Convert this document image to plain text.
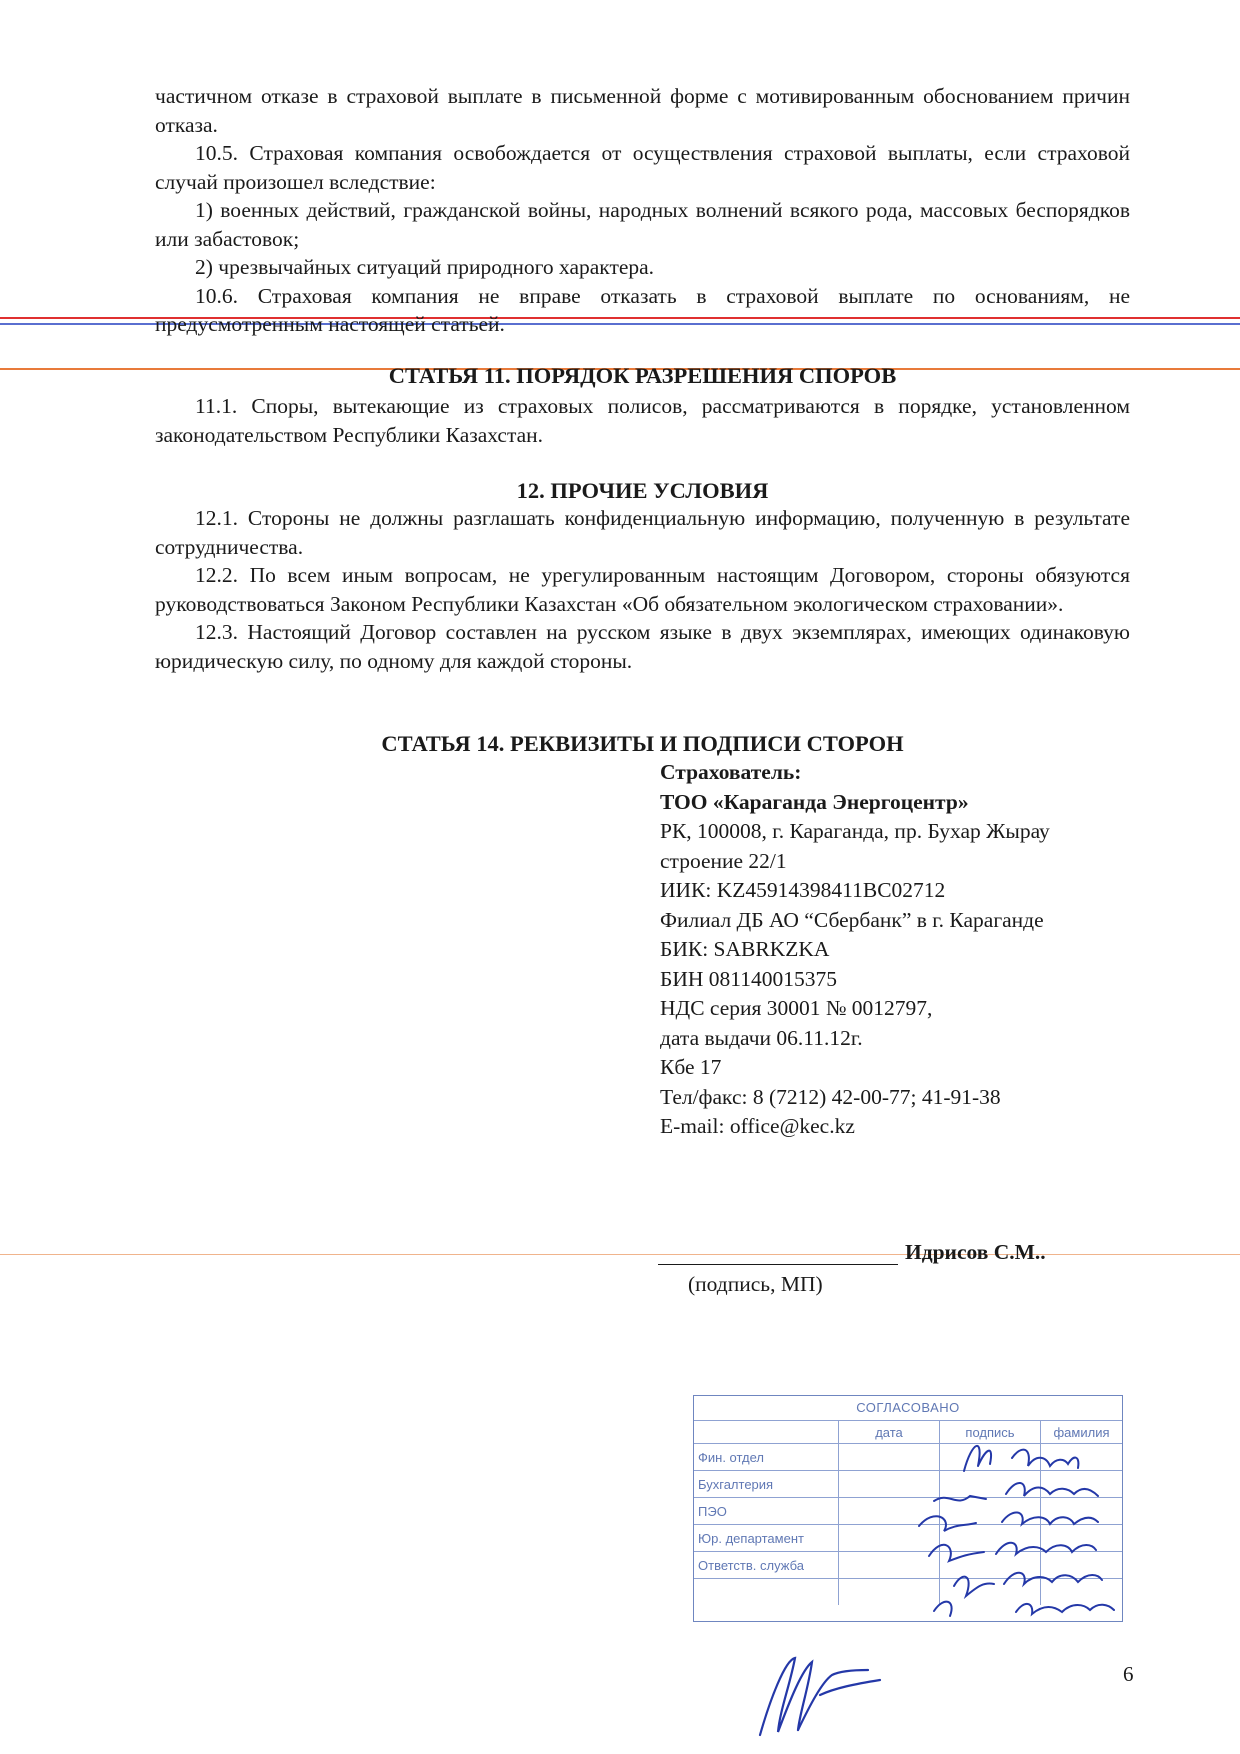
частичном отказе в страховой выплате в письменной форме с мотивированным обоснованием причин отказа.

10.5. Страховая компания освобождается от осуществления страховой выплаты, если страховой случай произошел вследствие:

1) военных действий, гражданской войны, народных волнений всякого рода, массовых беспорядков или забастовок;

2) чрезвычайных ситуаций природного характера.

10.6. Страховая компания не вправе отказать в страховой выплате по основаниям, не предусмотренным настоящей статьей.

СТАТЬЯ 11. ПОРЯДОК РАЗРЕШЕНИЯ СПОРОВ

11.1. Споры, вытекающие из страховых полисов, рассматриваются в порядке, установленном законодательством Республики Казахстан.

12. ПРОЧИЕ УСЛОВИЯ

12.1. Стороны не должны разглашать конфиденциальную информацию, полученную в результате сотрудничества.

12.2. По всем иным вопросам, не урегулированным настоящим Договором, стороны обязуются руководствоваться Законом Республики Казахстан «Об обязательном экологическом страховании».

12.3. Настоящий Договор составлен на русском языке в двух экземплярах, имеющих одинаковую юридическую силу, по одному для каждой стороны.

СТАТЬЯ 14. РЕКВИЗИТЫ И ПОДПИСИ СТОРОН
Страхователь:
ТОО «Караганда Энергоцентр»
РК, 100008, г. Караганда, пр. Бухар Жырау
строение 22/1
ИИК: KZ45914398411BC02712
Филиал ДБ АО “Сбербанк” в г. Караганде
БИК: SABRKZKA
БИН 081140015375
НДС серия 30001 № 0012797,
дата выдачи 06.11.12г.
Кбе 17
Тел/факс: 8 (7212) 42-00-77; 41-91-38
E-mail: office@kec.kz
Идрисов С.М..
(подпись, МП)
СОГЛАСОВАНО
	дата	подпись	фамилия
Фин. отдел			
Бухгалтерия			
ПЭО			
Юр. департамент			
Ответств. служба			

6
